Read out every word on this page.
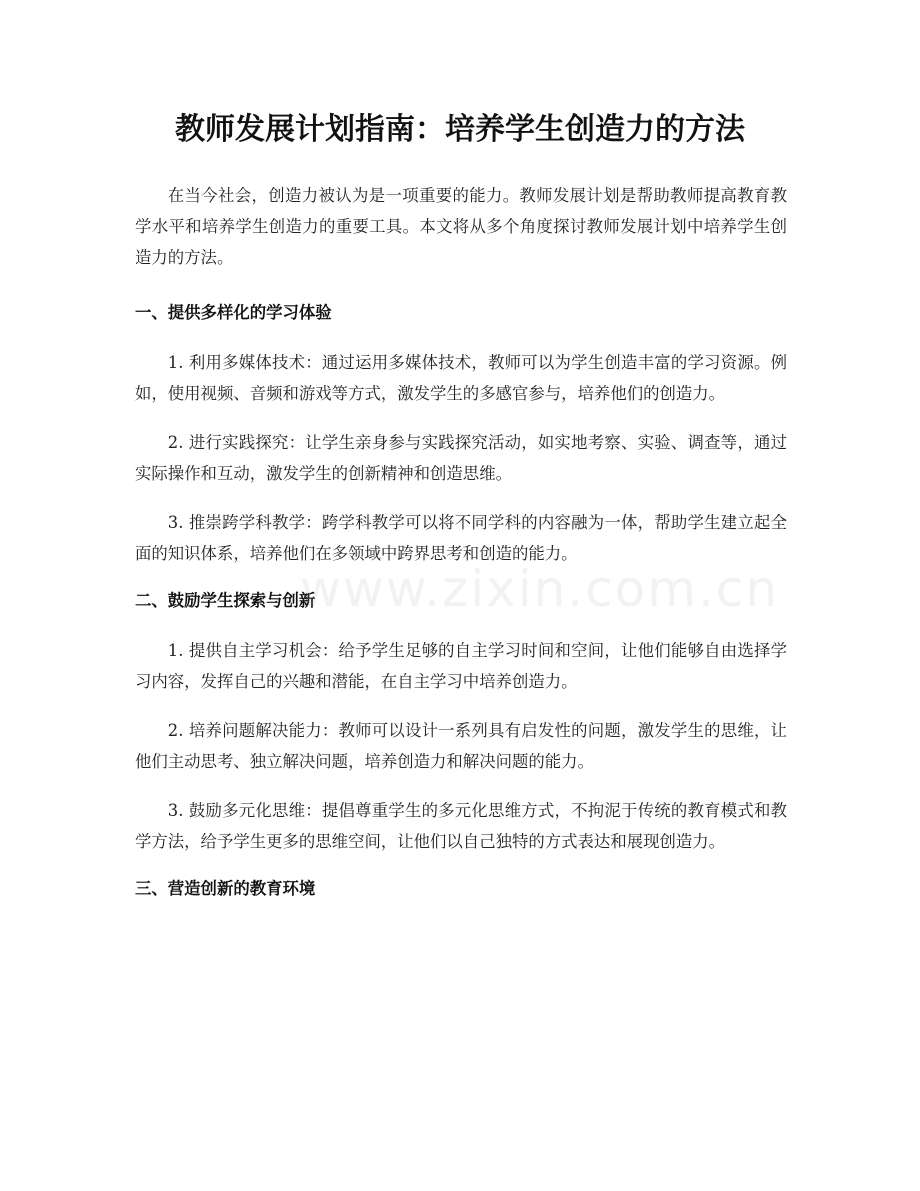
教师发展计划指南：培养学生创造力的方法

在当今社会，创造力被认为是一项重要的能力。教师发展计划是帮助教师提高教育教学水平和培养学生创造力的重要工具。本文将从多个角度探讨教师发展计划中培养学生创造力的方法。

一、提供多样化的学习体验

1. 利用多媒体技术：通过运用多媒体技术，教师可以为学生创造丰富的学习资源。例如，使用视频、音频和游戏等方式，激发学生的多感官参与，培养他们的创造力。

2. 进行实践探究：让学生亲身参与实践探究活动，如实地考察、实验、调查等，通过实际操作和互动，激发学生的创新精神和创造思维。

3. 推崇跨学科教学：跨学科教学可以将不同学科的内容融为一体，帮助学生建立起全面的知识体系，培养他们在多领域中跨界思考和创造的能力。

二、鼓励学生探索与创新

1. 提供自主学习机会：给予学生足够的自主学习时间和空间，让他们能够自由选择学习内容，发挥自己的兴趣和潜能，在自主学习中培养创造力。

2. 培养问题解决能力：教师可以设计一系列具有启发性的问题，激发学生的思维，让他们主动思考、独立解决问题，培养创造力和解决问题的能力。

3. 鼓励多元化思维：提倡尊重学生的多元化思维方式，不拘泥于传统的教育模式和教学方法，给予学生更多的思维空间，让他们以自己独特的方式表达和展现创造力。

三、营造创新的教育环境
www.zixin.com.cn
